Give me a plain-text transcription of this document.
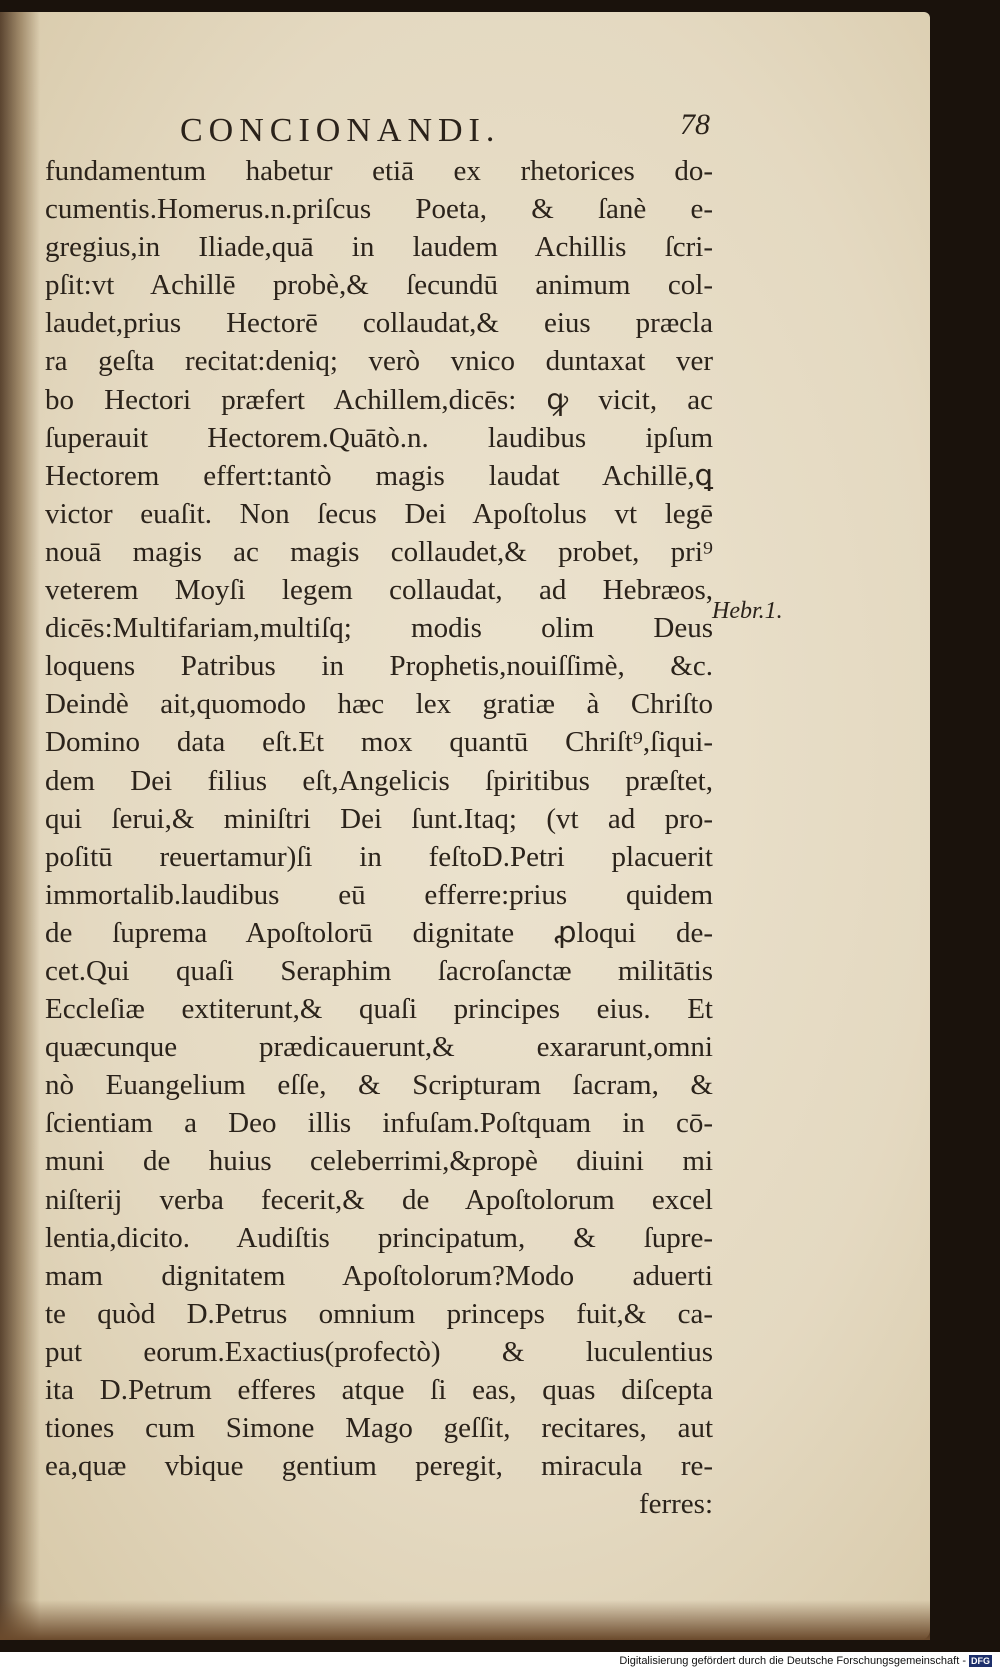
CONCIONANDI.	78
fundamentum habetur etiā ex rhetorices do-
cumentis.Homerus.n.priſcus Poeta, & ſanè e-
gregius,in Iliade,quā in laudem Achillis ſcri-
pſit:vt Achillē probè,& ſecundū animum col-
laudet,prius Hectorē collaudat,& eius præcla
ra geſta recitat:deniq; verò vnico duntaxat ver
bo Hectori præfert Achillem,dicēs: ꝙ vicit, ac
ſuperauit Hectorem.Quātò.n. laudibus ipſum
Hectorem effert:tantò magis laudat Achillē,ꝗ
victor euaſit. Non ſecus Dei Apoſtolus vt legē
nouā magis ac magis collaudet,& probet, pri⁹
veterem Moyſi legem collaudat, ad Hebræos,
dicēs:Multifariam,multiſq; modis olim Deus
loquens Patribus in Prophetis,nouiſſimè, &c.
Deindè ait,quomodo hæc lex gratiæ à Chriſto
Domino data eſt.Et mox quantū Chriſt⁹,ſiqui-
dem Dei filius eſt,Angelicis ſpiritibus præſtet,
qui ſerui,& miniſtri Dei ſunt.Itaq; (vt ad pro-
poſitū reuertamur)ſi in feſtoD.Petri placuerit
immortalib.laudibus eū efferre:prius quidem
de ſuprema Apoſtolorū dignitate ꝓloqui de-
cet.Qui quaſi Seraphim ſacroſanctæ militātis
Eccleſiæ extiterunt,& quaſi principes eius. Et
quæcunque prædicauerunt,& exararunt,omni
nò Euangelium eſſe, & Scripturam ſacram, &
ſcientiam a Deo illis infuſam.Poſtquam in cō-
muni de huius celeberrimi,&propè diuini mi
niſterij verba fecerit,& de Apoſtolorum excel
lentia,dicito. Audiſtis principatum, & ſupre-
mam dignitatem Apoſtolorum?Modo aduerti
te quòd D.Petrus omnium princeps fuit,& ca-
put eorum.Exactius(profectò) & luculentius
ita D.Petrum efferes atque ſi eas, quas diſcepta
tiones cum Simone Mago geſſit, recitares, aut
ea,quæ vbique gentium peregit, miracula re-
ferres:
Hebr.1.
Digitalisierung gefördert durch die Deutsche Forschungsgemeinschaft - DFG
